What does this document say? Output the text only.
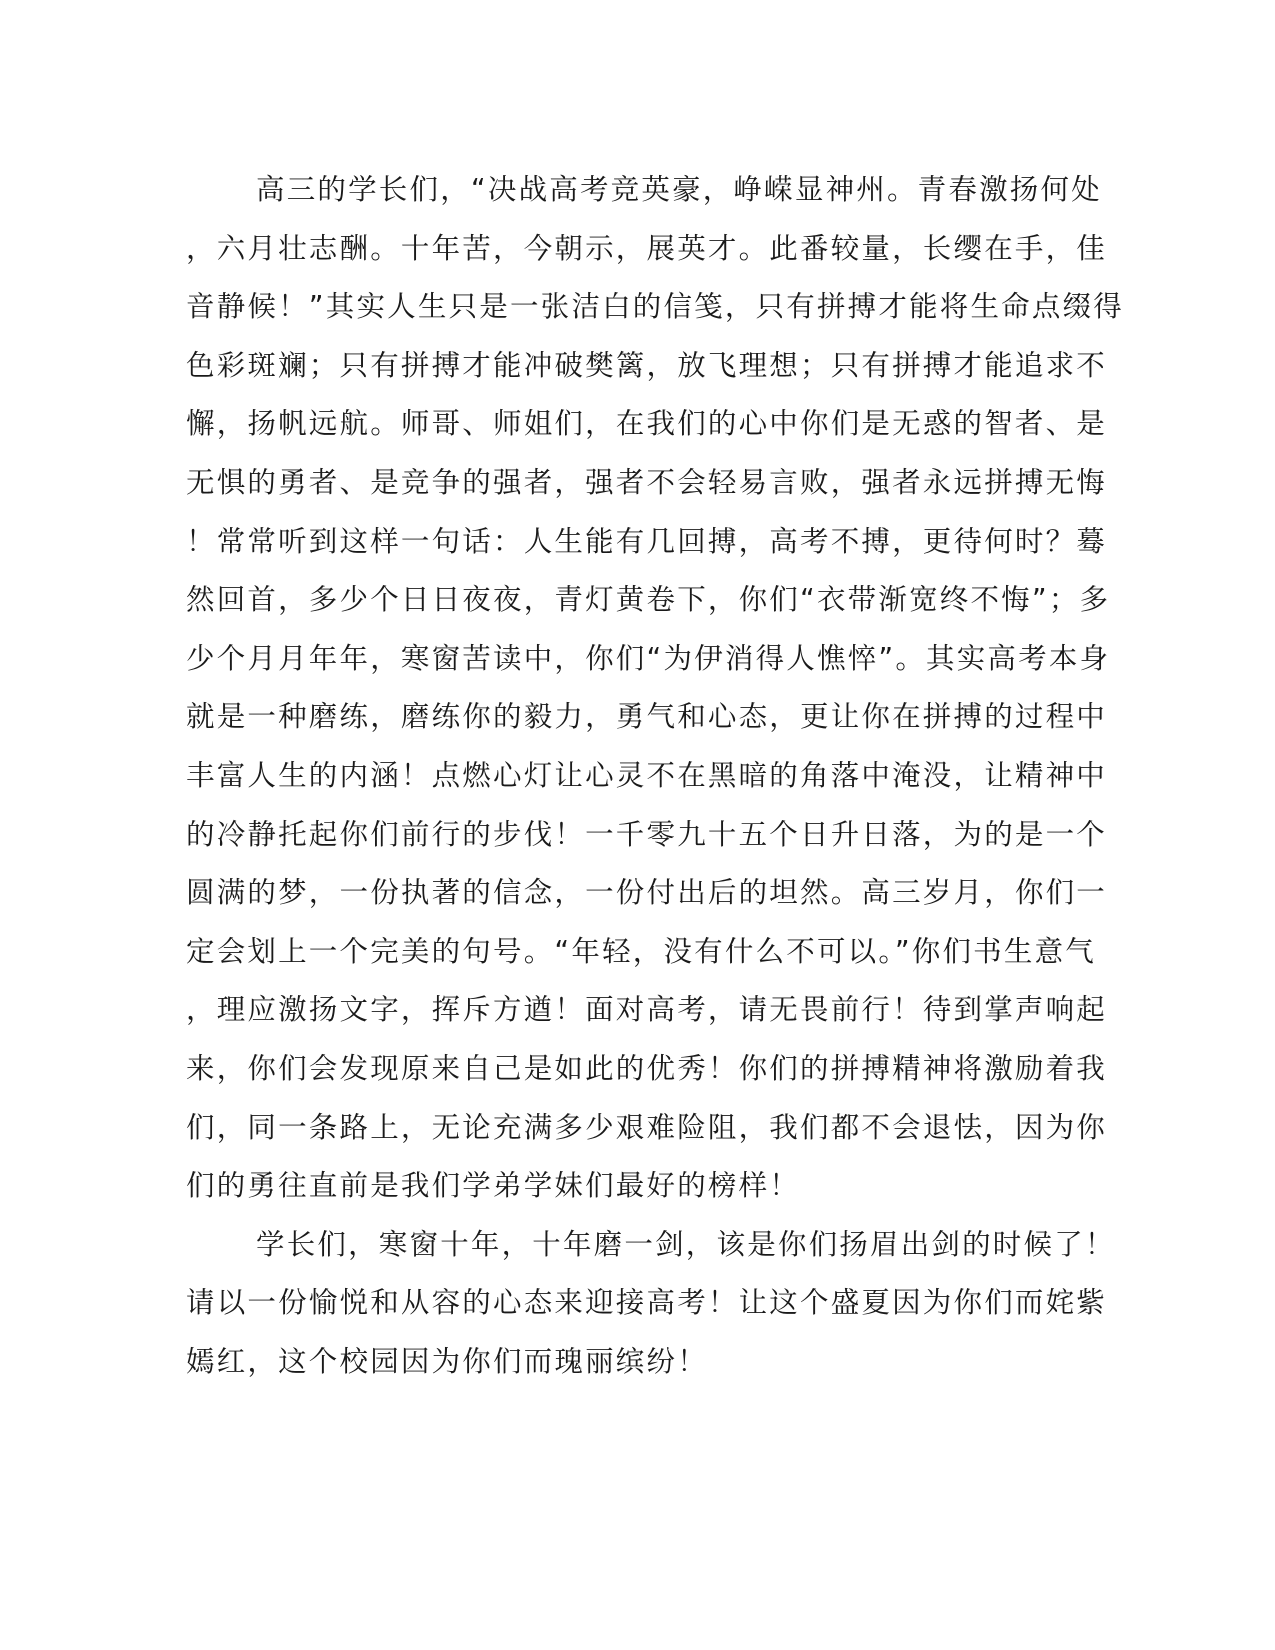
高三的学长们，“决战高考竞英豪，峥嵘显神州。青春激扬何处
，六月壮志酬。十年苦，今朝示，展英才。此番较量，长缨在手，佳
音静候！”其实人生只是一张洁白的信笺，只有拼搏才能将生命点缀得
色彩斑斓；只有拼搏才能冲破樊篱，放飞理想；只有拼搏才能追求不
懈，扬帆远航。师哥、师姐们，在我们的心中你们是无惑的智者、是
无惧的勇者、是竞争的强者，强者不会轻易言败，强者永远拼搏无悔
！常常听到这样一句话：人生能有几回搏，高考不搏，更待何时？蓦
然回首，多少个日日夜夜，青灯黄卷下，你们“衣带渐宽终不悔”；多
少个月月年年，寒窗苦读中，你们“为伊消得人憔悴”。其实高考本身
就是一种磨练，磨练你的毅力，勇气和心态，更让你在拼搏的过程中
丰富人生的内涵！点燃心灯让心灵不在黑暗的角落中淹没，让精神中
的冷静托起你们前行的步伐！一千零九十五个日升日落，为的是一个
圆满的梦，一份执著的信念，一份付出后的坦然。高三岁月，你们一
定会划上一个完美的句号。“年轻，没有什么不可以。”你们书生意气
，理应激扬文字，挥斥方遒！面对高考，请无畏前行！待到掌声响起
来，你们会发现原来自己是如此的优秀！你们的拼搏精神将激励着我
们，同一条路上，无论充满多少艰难险阻，我们都不会退怯，因为你
们的勇往直前是我们学弟学妹们最好的榜样！
学长们，寒窗十年，十年磨一剑，该是你们扬眉出剑的时候了！
请以一份愉悦和从容的心态来迎接高考！让这个盛夏因为你们而姹紫
嫣红，这个校园因为你们而瑰丽缤纷！
